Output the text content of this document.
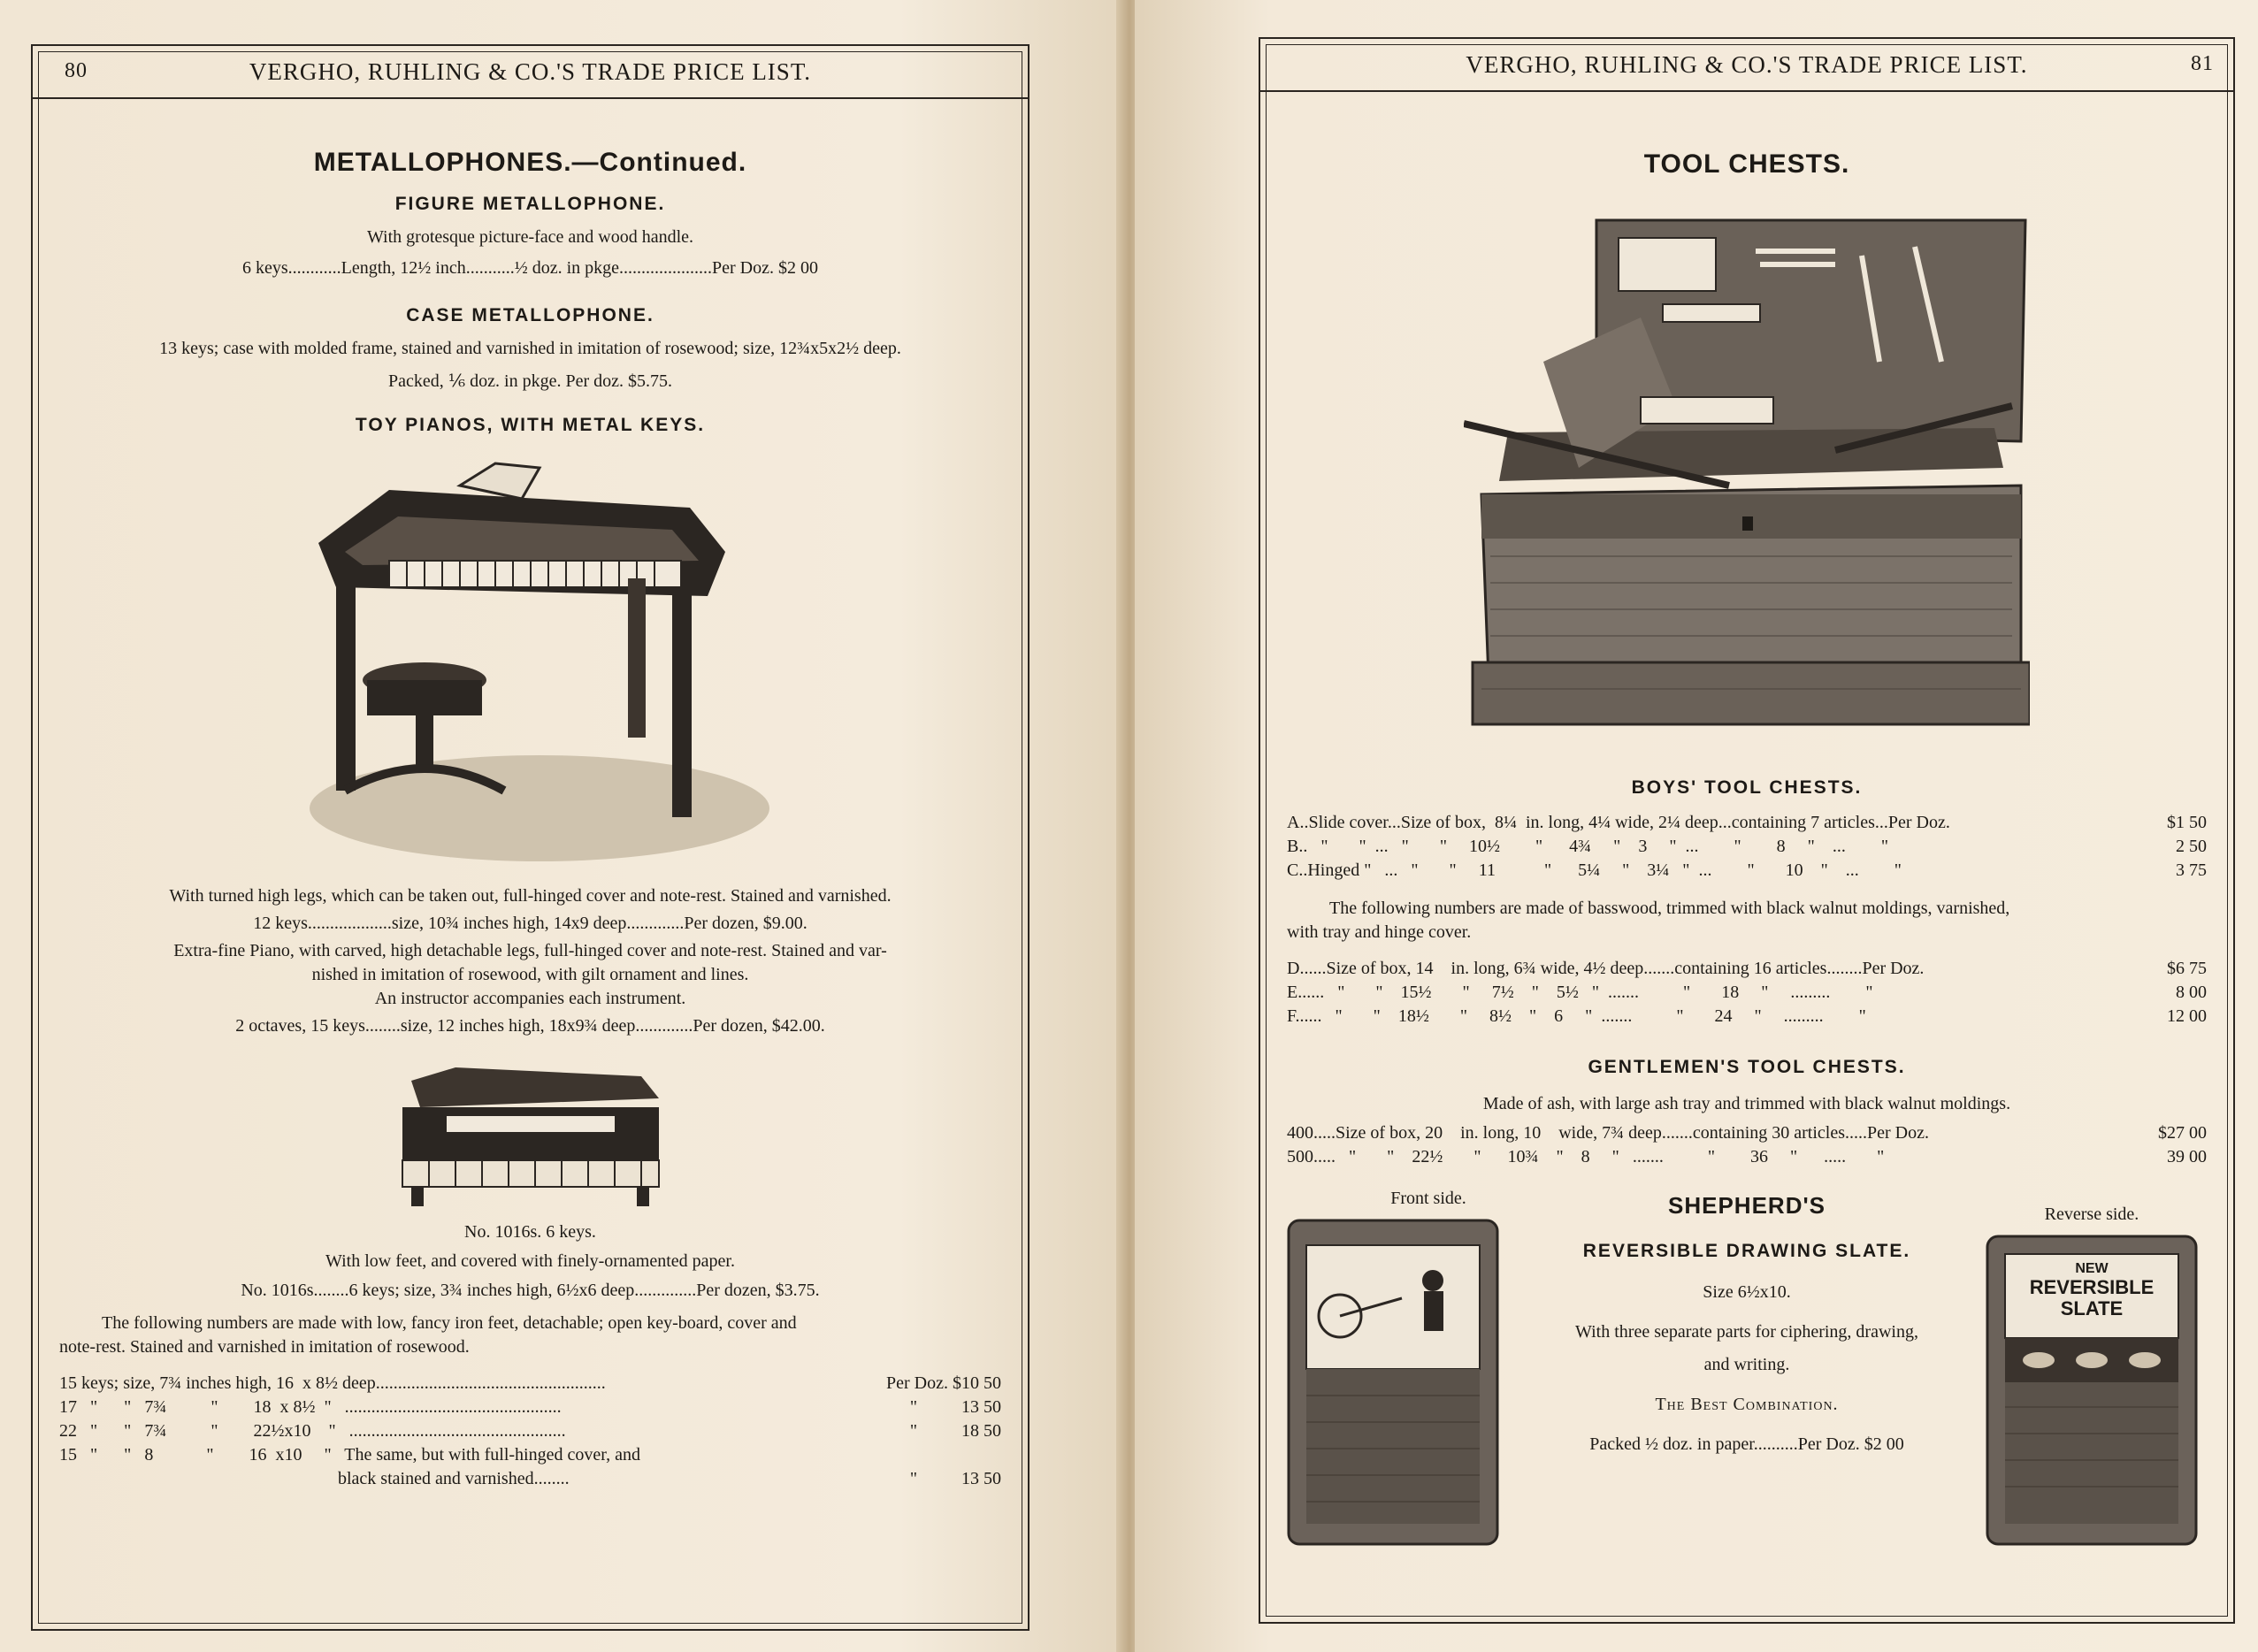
80	VERGHO, RUHLING & CO.'S TRADE PRICE LIST.

METALLOPHONES.—Continued.

FIGURE METALLOPHONE.

With grotesque picture-face and wood handle.

6 keys............Length, 12½ inch...........½ doz. in pkge.....................Per Doz. $2 00

CASE METALLOPHONE.

13 keys; case with molded frame, stained and varnished in imitation of rosewood; size, 12¾x5x2½ deep.

Packed, ⅙ doz. in pkge. Per doz. $5.75.

TOY PIANOS, WITH METAL KEYS.

With turned high legs, which can be taken out, full-hinged cover and note-rest. Stained and varnished.

12 keys...................size, 10¾ inches high, 14x9 deep.............Per dozen, $9.00.

Extra-fine Piano, with carved, high detachable legs, full-hinged cover and note-rest. Stained and var-

nished in imitation of rosewood, with gilt ornament and lines.

An instructor accompanies each instrument.

2 octaves, 15 keys........size, 12 inches high, 18x9¾ deep.............Per dozen, $42.00.

No. 1016s. 6 keys.

With low feet, and covered with finely-ornamented paper.

No. 1016s........6 keys; size, 3¾ inches high, 6½x6 deep..............Per dozen, $3.75.

The following numbers are made with low, fancy iron feet, detachable; open key-board, cover and

note-rest. Stained and varnished in imitation of rosewood.

15 keys; size, 7¾ inches high, 16  x 8½ deep....................................................	Per Doz. $10 50
17   "      "   7¾          "        18  x 8½  "   .................................................	"          13 50
22   "      "   7¾          "        22½x10    "   .................................................	"          18 50
15   "      "   8            "        16  x10     "   The same, but with full-hinged cover, and
black stained and varnished........	"          13 50
VERGHO, RUHLING & CO.'S TRADE PRICE LIST.	81

TOOL CHESTS.

BOYS' TOOL CHESTS.

A..Slide cover...Size of box,  8¼  in. long, 4¼ wide, 2¼ deep...containing 7 articles...Per Doz.	$1 50
B..   "       "  ...   "       "     10½        "      4¾     "    3     "  ...        "        8     "    ...        "	2 50
C..Hinged "   ...   "       "     11           "      5¼     "    3¼   "  ...        "       10    "    ...        "	3 75

The following numbers are made of basswood, trimmed with black walnut moldings, varnished,

with tray and hinge cover.

D......Size of box, 14    in. long, 6¾ wide, 4½ deep.......containing 16 articles........Per Doz.	$6 75
E......   "       "    15½       "     7½    "    5½   "  .......          "       18     "     .........        "	8 00
F......   "       "    18½       "     8½    "    6     "  .......          "       24     "     .........        "	12 00

GENTLEMEN'S TOOL CHESTS.

Made of ash, with large ash tray and trimmed with black walnut moldings.

400.....Size of box, 20    in. long, 10    wide, 7¾ deep.......containing 30 articles.....Per Doz.	$27 00
500.....   "       "    22½       "      10¾    "    8     "   .......          "        36     "      .....       "	39 00
Front side.	SHEPHERD'S

REVERSIBLE DRAWING SLATE.

Size 6½x10.

With three separate parts for ciphering, drawing,

and writing.

The Best Combination.

Packed ½ doz. in paper..........Per Doz. $2 00

Reverse side.
NEW
REVERSIBLE
SLATE
